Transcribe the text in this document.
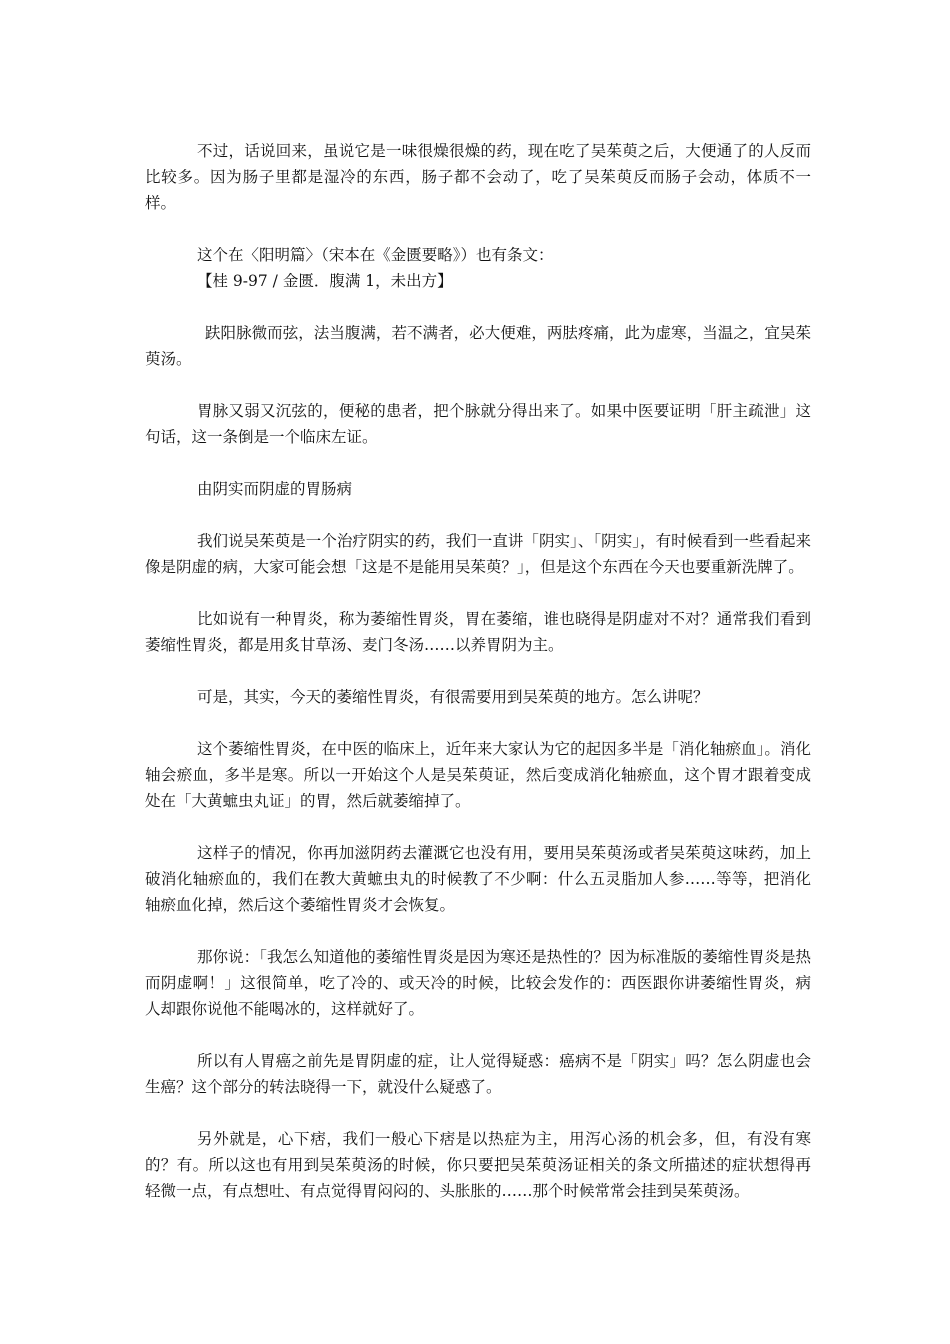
不过，话说回来，虽说它是一味很燥很燥的药，现在吃了吴茱萸之后，大便通了的人反而比较多。因为肠子里都是湿冷的东西，肠子都不会动了，吃了吴茱萸反而肠子会动，体质不一样。

这个在〈阳明篇〉（宋本在《金匮要略》）也有条文：

【桂 9-97 / 金匮．腹满 1，未出方】

趺阳脉微而弦，法当腹满，若不满者，必大便难，两胠疼痛，此为虚寒，当温之，宜吴茱萸汤。

胃脉又弱又沉弦的，便秘的患者，把个脉就分得出来了。如果中医要证明「肝主疏泄」这句话，这一条倒是一个临床左证。

由阴实而阴虚的胃肠病

我们说吴茱萸是一个治疗阴实的药，我们一直讲「阴实」、「阴实」，有时候看到一些看起来像是阴虚的病，大家可能会想「这是不是能用吴茱萸？」，但是这个东西在今天也要重新洗牌了。

比如说有一种胃炎，称为萎缩性胃炎，胃在萎缩，谁也晓得是阴虚对不对？通常我们看到萎缩性胃炎，都是用炙甘草汤、麦门冬汤……以养胃阴为主。

可是，其实，今天的萎缩性胃炎，有很需要用到吴茱萸的地方。怎么讲呢？

这个萎缩性胃炎，在中医的临床上，近年来大家认为它的起因多半是「消化轴瘀血」。消化轴会瘀血，多半是寒。所以一开始这个人是吴茱萸证，然后变成消化轴瘀血，这个胃才跟着变成处在「大黄蟅虫丸证」的胃，然后就萎缩掉了。

这样子的情况，你再加滋阴药去灌溉它也没有用，要用吴茱萸汤或者吴茱萸这味药，加上破消化轴瘀血的，我们在教大黄蟅虫丸的时候教了不少啊：什么五灵脂加人参……等等，把消化轴瘀血化掉，然后这个萎缩性胃炎才会恢复。

那你说：「我怎么知道他的萎缩性胃炎是因为寒还是热性的？因为标准版的萎缩性胃炎是热而阴虚啊！」这很简单，吃了冷的、或天冷的时候，比较会发作的：西医跟你讲萎缩性胃炎，病人却跟你说他不能喝冰的，这样就好了。

所以有人胃癌之前先是胃阴虚的症，让人觉得疑惑：癌病不是「阴实」吗？怎么阴虚也会生癌？这个部分的转法晓得一下，就没什么疑惑了。

另外就是，心下痞，我们一般心下痞是以热症为主，用泻心汤的机会多，但，有没有寒的？有。所以这也有用到吴茱萸汤的时候，你只要把吴茱萸汤证相关的条文所描述的症状想得再轻微一点，有点想吐、有点觉得胃闷闷的、头胀胀的……那个时候常常会挂到吴茱萸汤。
